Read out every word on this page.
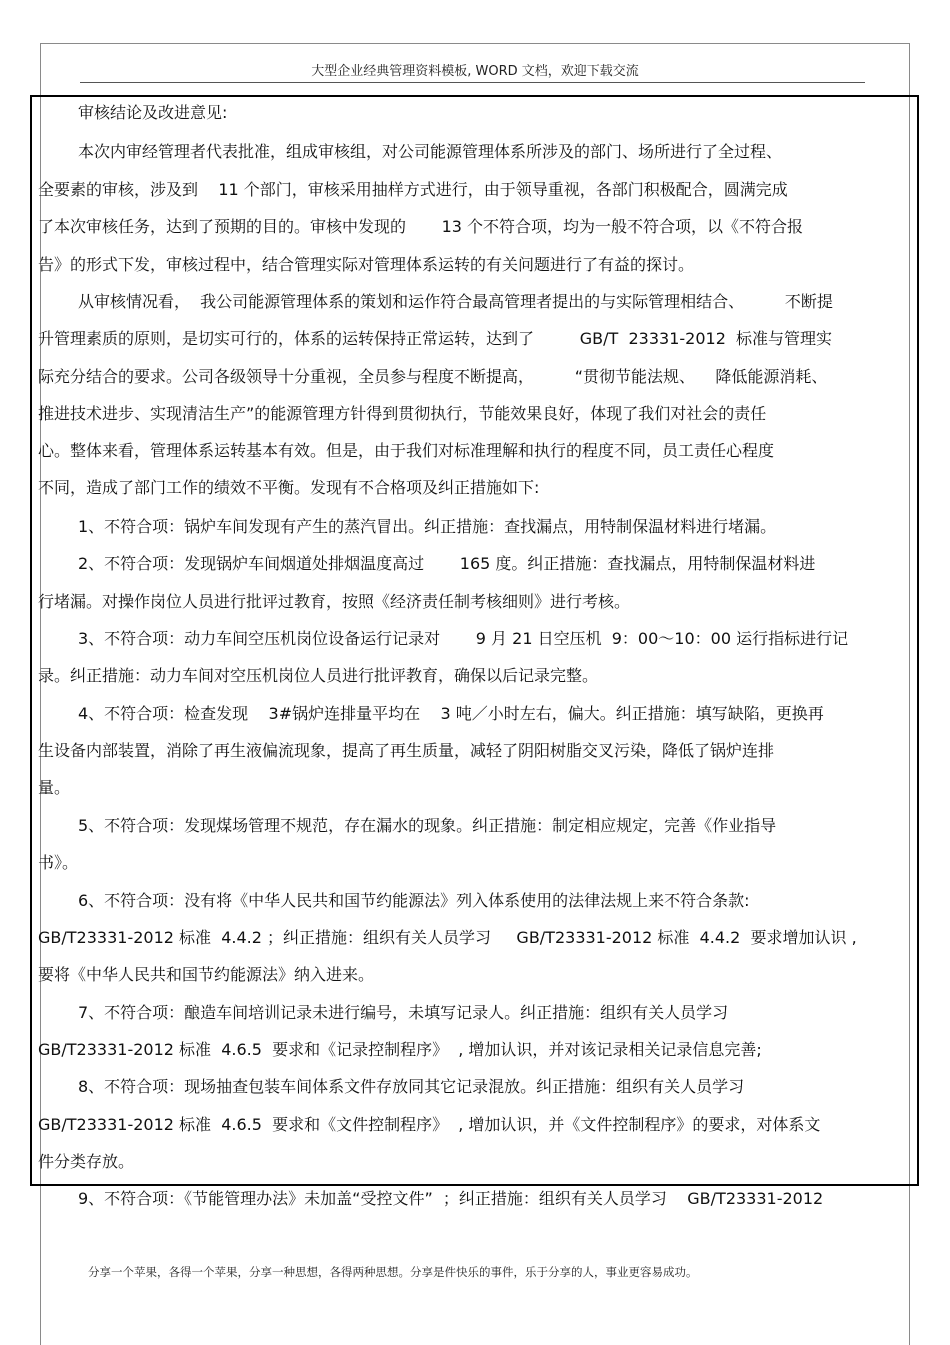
大型企业经典管理资料模板, WORD 文档，欢迎下载交流
审核结论及改进意见:
本次内审经管理者代表批准，组成审核组，对公司能源管理体系所涉及的部门、场所进行了全过程、
全要素的审核，涉及到    11 个部门，审核采用抽样方式进行，由于领导重视，各部门积极配合，圆满完成
了本次审核任务，达到了预期的目的。审核中发现的       13 个不符合项，均为一般不符合项，以《不符合报
告》的形式下发，审核过程中，结合管理实际对管理体系运转的有关问题进行了有益的探讨。
从审核情况看，  我公司能源管理体系的策划和运作符合最高管理者提出的与实际管理相结合、        不断提
升管理素质的原则，是切实可行的，体系的运转保持正常运转，达到了         GB/T  23331-2012  标准与管理实
际充分结合的要求。公司各级领导十分重视，全员参与程度不断提高，        “贯彻节能法规、    降低能源消耗、
推进技术进步、实现清洁生产”的能源管理方针得到贯彻执行，节能效果良好，体现了我们对社会的责任
心。整体来看，管理体系运转基本有效。但是，由于我们对标准理解和执行的程度不同，员工责任心程度
不同，造成了部门工作的绩效不平衡。发现有不合格项及纠正措施如下:
1、不符合项：锅炉车间发现有产生的蒸汽冒出。纠正措施：查找漏点，用特制保温材料进行堵漏。
2、不符合项：发现锅炉车间烟道处排烟温度高过       165 度。纠正措施：查找漏点，用特制保温材料进
行堵漏。对操作岗位人员进行批评过教育，按照《经济责任制考核细则》进行考核。
3、不符合项：动力车间空压机岗位设备运行记录对       9 月 21 日空压机  9：00～10：00 运行指标进行记
录。纠正措施：动力车间对空压机岗位人员进行批评教育，确保以后记录完整。
4、不符合项：检查发现    3#锅炉连排量平均在    3 吨／小时左右，偏大。纠正措施：填写缺陷，更换再
生设备内部装置，消除了再生液偏流现象，提高了再生质量，减轻了阴阳树脂交叉污染，降低了锅炉连排
量。
5、不符合项：发现煤场管理不规范，存在漏水的现象。纠正措施：制定相应规定，完善《作业指导
书》。
6、不符合项：没有将《中华人民共和国节约能源法》列入体系使用的法律法规上来不符合条款:
GB/T23331-2012 标准  4.4.2 ；纠正措施：组织有关人员学习     GB/T23331-2012 标准  4.4.2  要求增加认识 ,
要将《中华人民共和国节约能源法》纳入进来。
7、不符合项：酿造车间培训记录未进行编号，未填写记录人。纠正措施：组织有关人员学习
GB/T23331-2012 标准  4.6.5  要求和《记录控制程序》  , 增加认识，并对该记录相关记录信息完善;
8、不符合项：现场抽查包装车间体系文件存放同其它记录混放。纠正措施：组织有关人员学习
GB/T23331-2012 标准  4.6.5  要求和《文件控制程序》  , 增加认识，并《文件控制程序》的要求，对体系文
件分类存放。
9、不符合项：《节能管理办法》未加盖“受控文件”  ；纠正措施：组织有关人员学习    GB/T23331-2012
分享一个苹果，各得一个苹果，分享一种思想，各得两种思想。分享是件快乐的事件，乐于分享的人，事业更容易成功。
